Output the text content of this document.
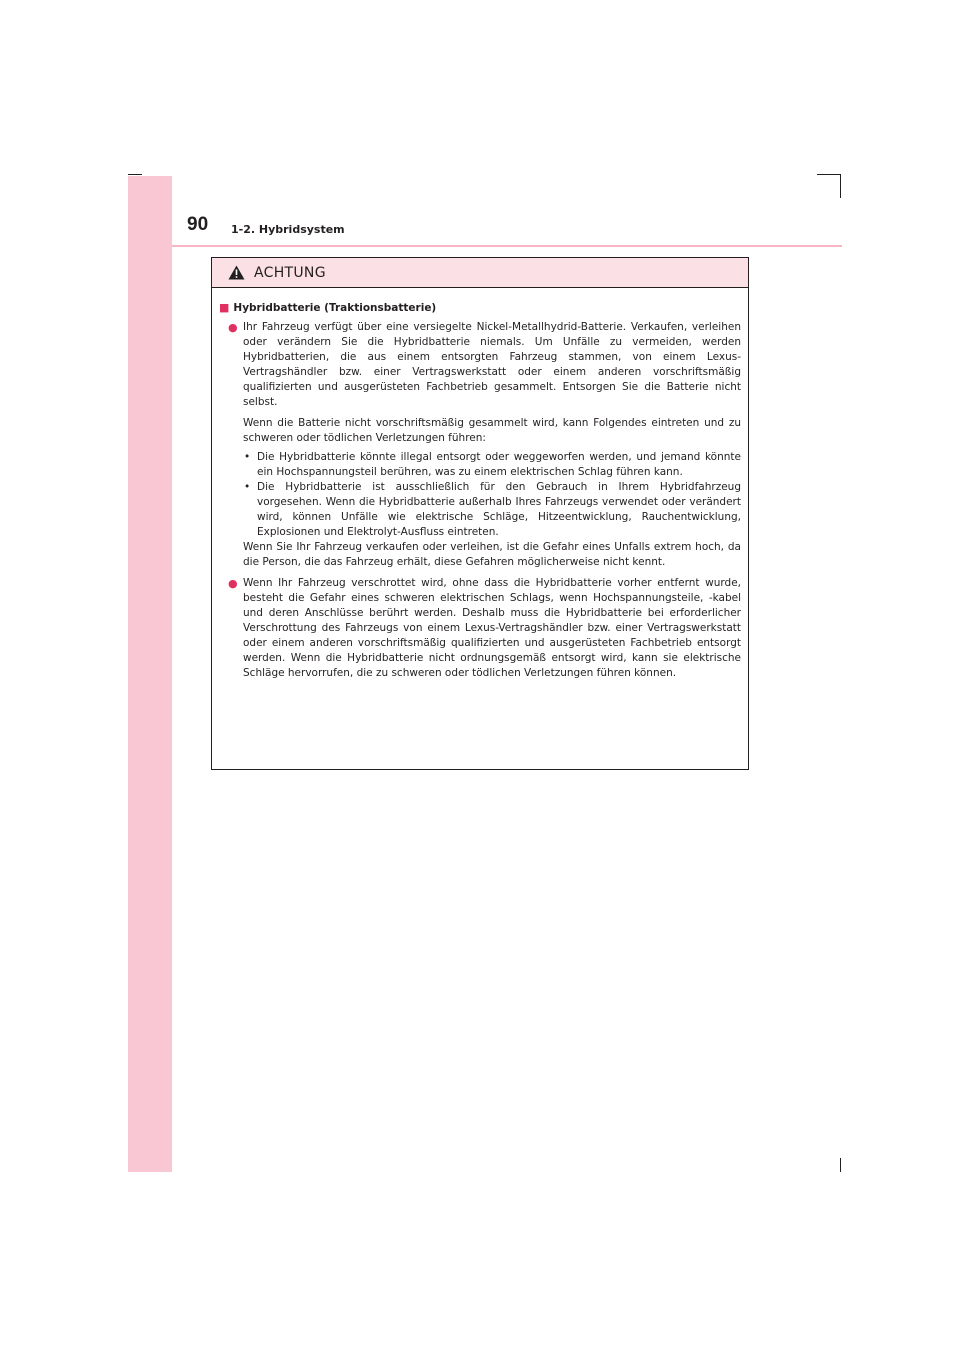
90 1-2. Hybridsystem
ACHTUNG
■ Hybridbatterie (Traktionsbatterie)
● Ihr Fahrzeug verfügt über eine versiegelte Nickel-Metallhydrid-Batterie. Verkaufen, verleihen oder verändern Sie die Hybridbatterie niemals. Um Unfälle zu vermeiden, werden Hybridbatterien, die aus einem entsorgten Fahrzeug stammen, von einem Lexus-Vertragshändler bzw. einer Vertragswerkstatt oder einem anderen vorschriftsmäßig qualifizierten und ausgerüsteten Fachbetrieb gesammelt. Entsorgen Sie die Batterie nicht selbst.

Wenn die Batterie nicht vorschriftsmäßig gesammelt wird, kann Folgendes eintreten und zu schweren oder tödlichen Verletzungen führen:

• Die Hybridbatterie könnte illegal entsorgt oder weggeworfen werden, und jemand könnte ein Hochspannungsteil berühren, was zu einem elektrischen Schlag führen kann.
• Die Hybridbatterie ist ausschließlich für den Gebrauch in Ihrem Hybridfahrzeug vorgesehen. Wenn die Hybridbatterie außerhalb Ihres Fahrzeugs verwendet oder verändert wird, können Unfälle wie elektrische Schläge, Hitzeentwicklung, Rauchentwicklung, Explosionen und Elektrolyt-Ausfluss eintreten.

Wenn Sie Ihr Fahrzeug verkaufen oder verleihen, ist die Gefahr eines Unfalls extrem hoch, da die Person, die das Fahrzeug erhält, diese Gefahren möglicherweise nicht kennt.

● Wenn Ihr Fahrzeug verschrottet wird, ohne dass die Hybridbatterie vorher entfernt wurde, besteht die Gefahr eines schweren elektrischen Schlags, wenn Hochspannungsteile, -kabel und deren Anschlüsse berührt werden. Deshalb muss die Hybridbatterie bei erforderlicher Verschrottung des Fahrzeugs von einem Lexus-Vertragshändler bzw. einer Vertragswerkstatt oder einem anderen vorschriftsmäßig qualifizierten und ausgerüsteten Fachbetrieb entsorgt werden. Wenn die Hybridbatterie nicht ordnungsgemäß entsorgt wird, kann sie elektrische Schläge hervorrufen, die zu schweren oder tödlichen Verletzungen führen können.
